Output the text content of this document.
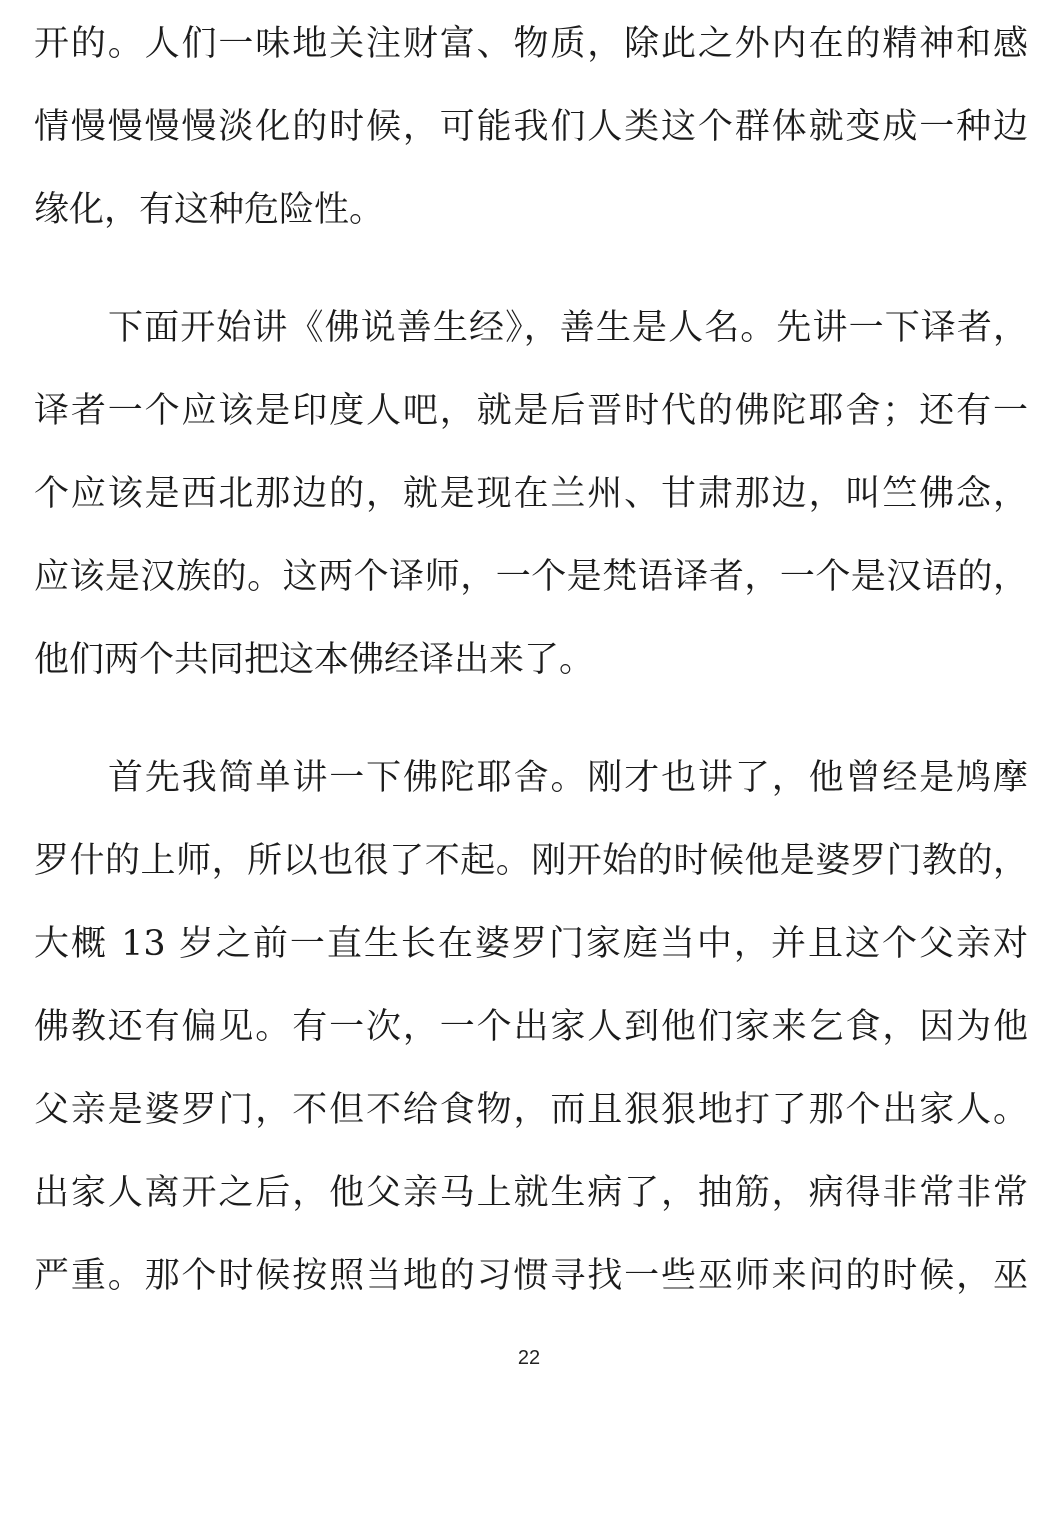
开的。人们一味地关注财富、物质，除此之外内在的精神和感
情慢慢慢慢淡化的时候，可能我们人类这个群体就变成一种边
缘化，有这种危险性。
下面开始讲《佛说善生经》，善生是人名。先讲一下译者，
译者一个应该是印度人吧，就是后晋时代的佛陀耶舍；还有一
个应该是西北那边的，就是现在兰州、甘肃那边，叫竺佛念，
应该是汉族的。这两个译师，一个是梵语译者，一个是汉语的，
他们两个共同把这本佛经译出来了。
首先我简单讲一下佛陀耶舍。刚才也讲了，他曾经是鸠摩
罗什的上师，所以也很了不起。刚开始的时候他是婆罗门教的，
大概 13 岁之前一直生长在婆罗门家庭当中，并且这个父亲对
佛教还有偏见。有一次，一个出家人到他们家来乞食，因为他
父亲是婆罗门，不但不给食物，而且狠狠地打了那个出家人。
出家人离开之后，他父亲马上就生病了，抽筋，病得非常非常
严重。那个时候按照当地的习惯寻找一些巫师来问的时候，巫
22
